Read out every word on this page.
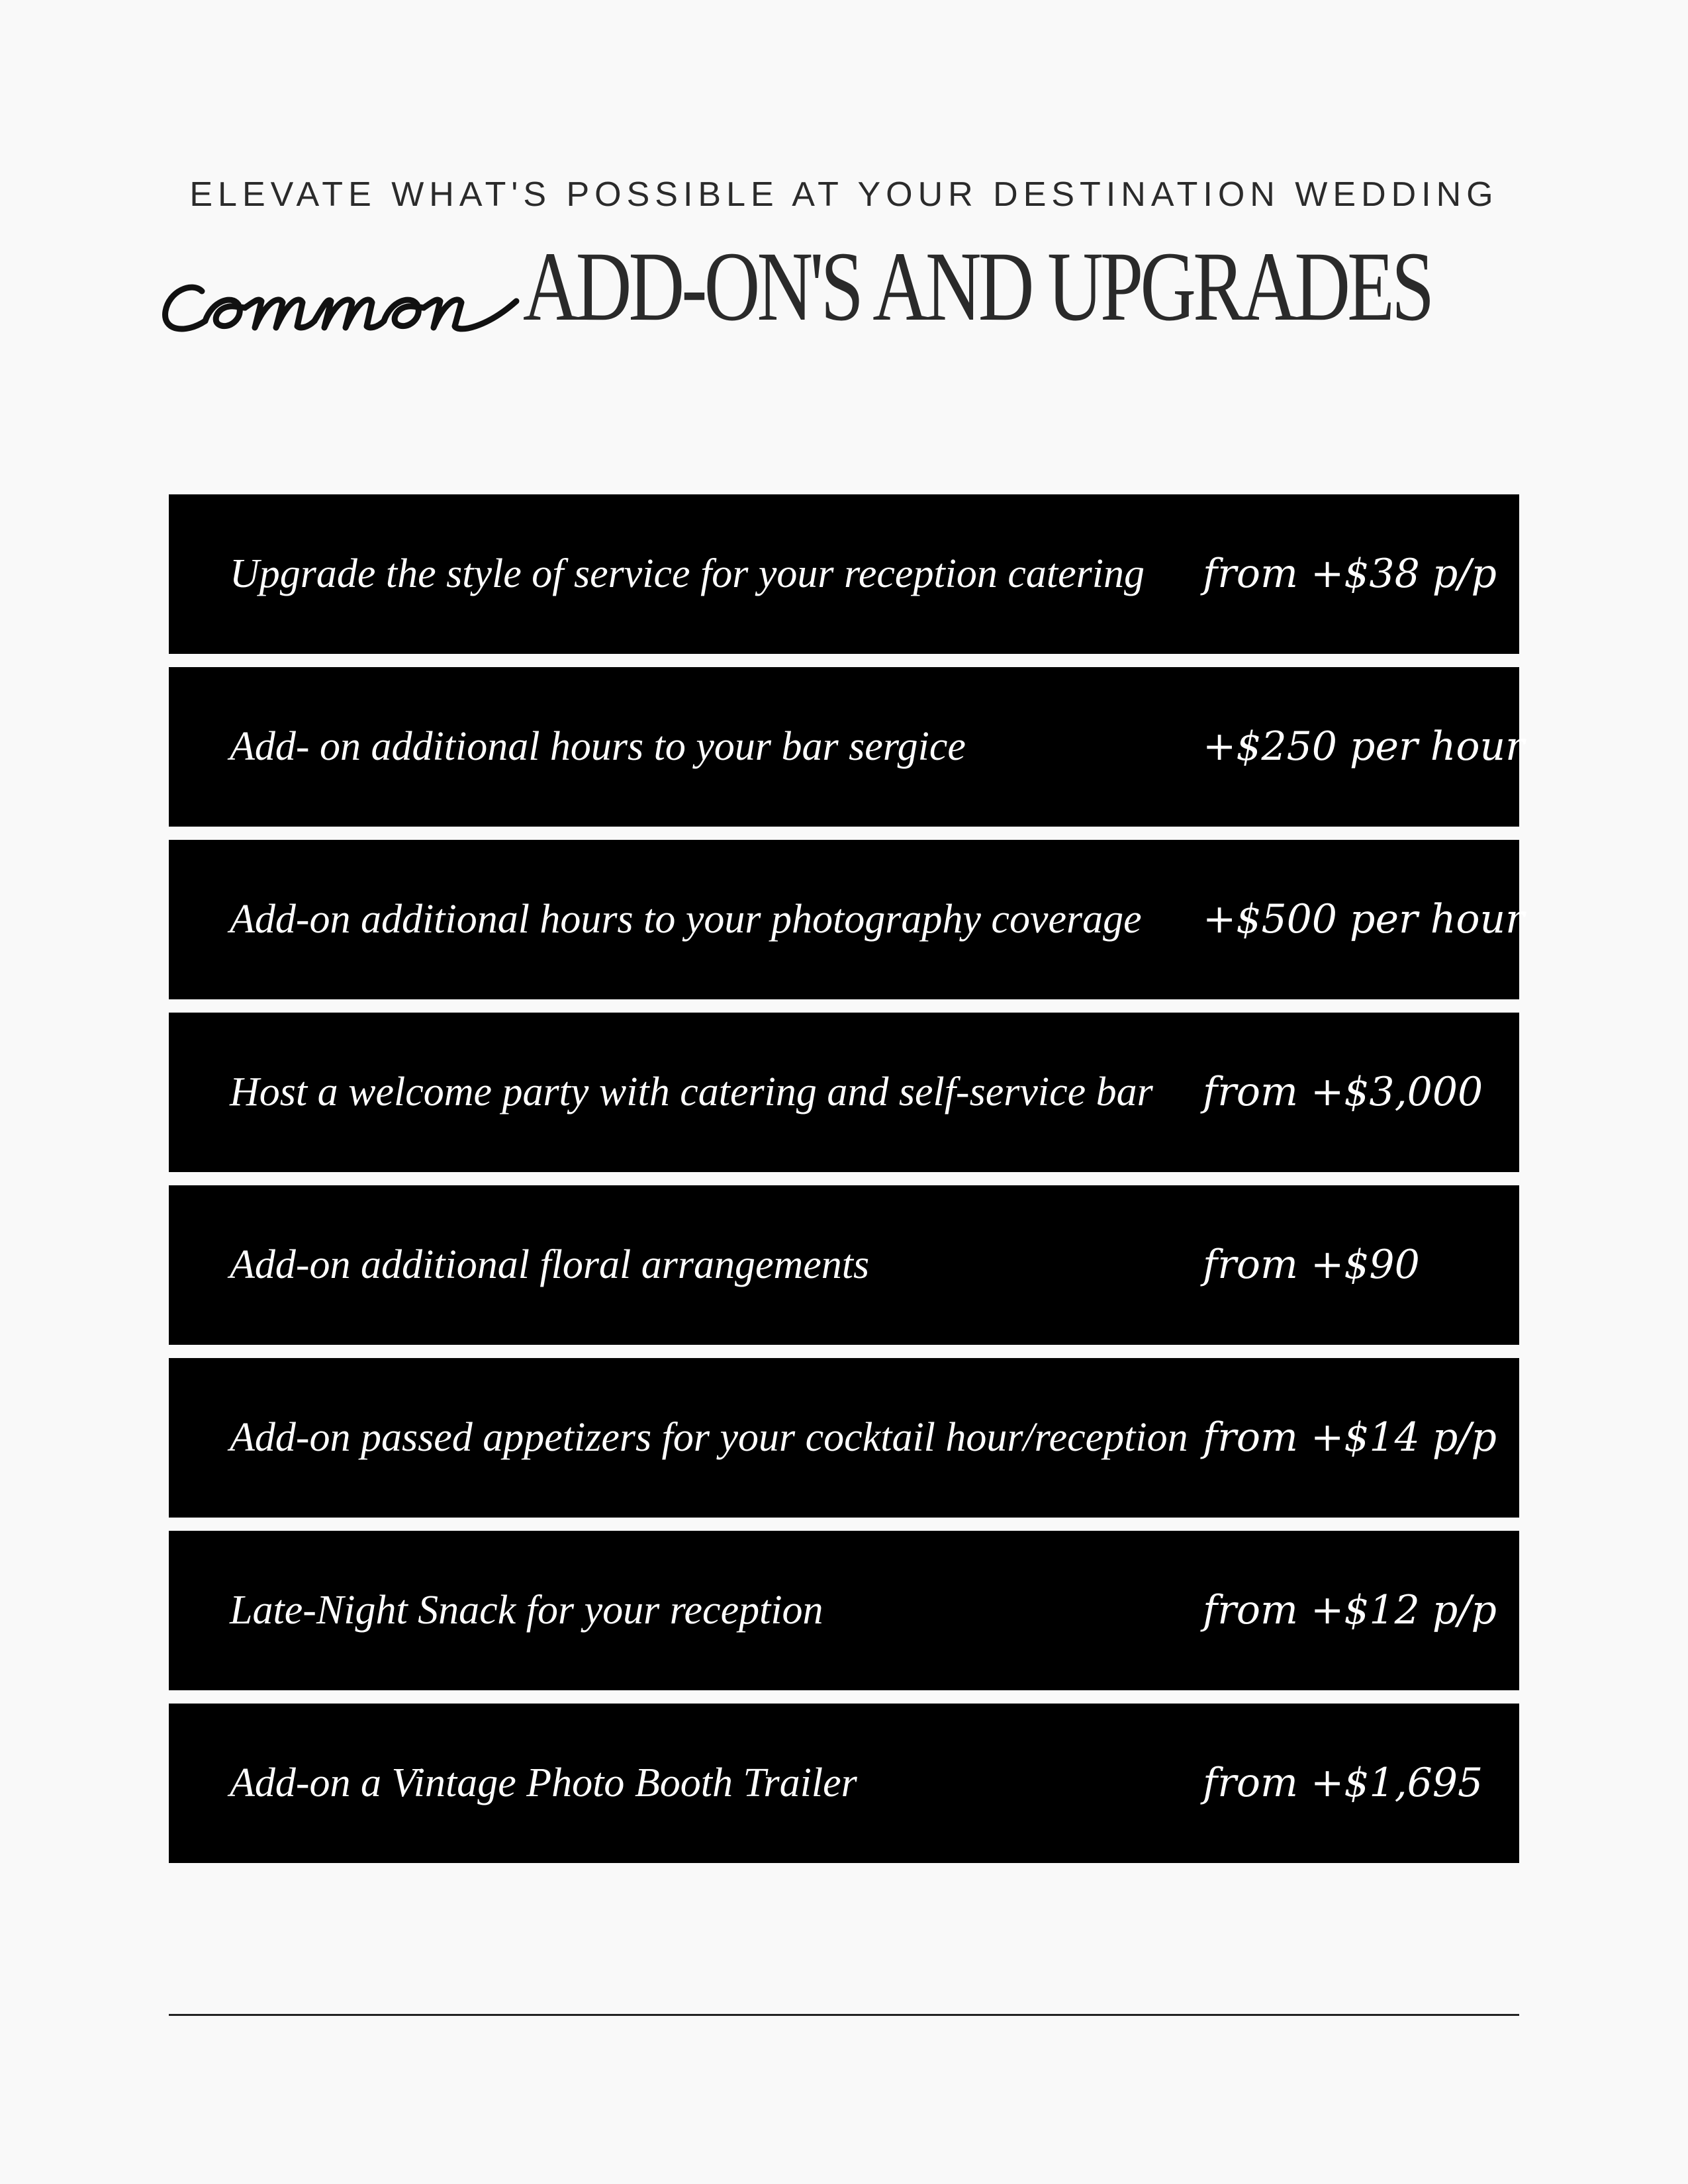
ELEVATE WHAT'S POSSIBLE AT YOUR DESTINATION WEDDING
ADD-ON'S AND UPGRADES
Upgrade the style of service for your reception catering from +$38 p/p
Add- on additional hours to your bar sergice	+$250 per hour
Add-on additional hours to your photography coverage +$500 per hour
Host a welcome party with catering and self-service bar from +$3,000
Add-on additional floral arrangements	from +$90
Add-on passed appetizers for your cocktail hour/reception from +$14 p/p
Late-Night Snack for your reception	from +$12 p/p
Add-on a Vintage Photo Booth Trailer	from +$1,695
